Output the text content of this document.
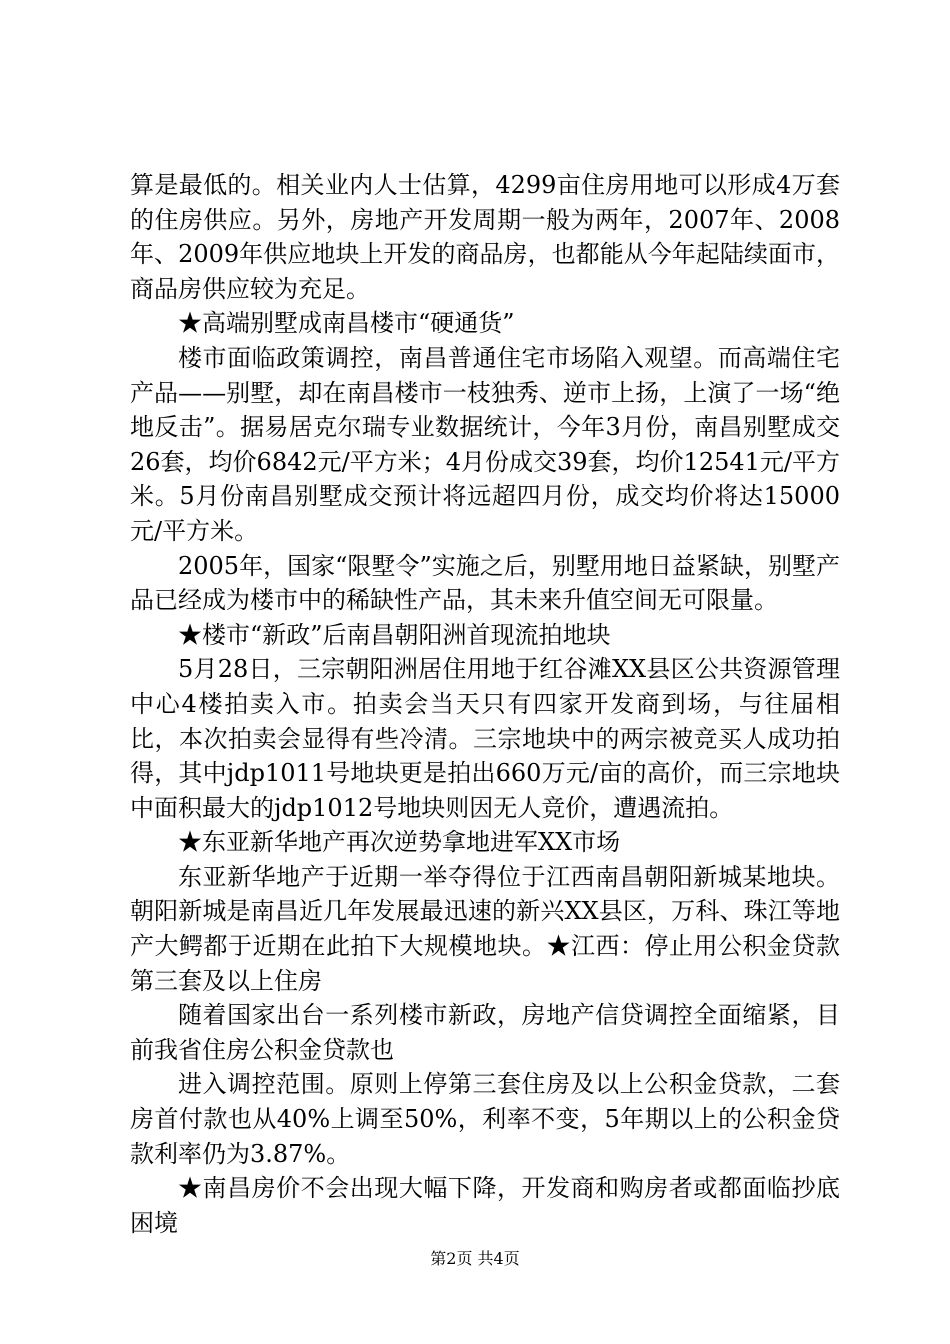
算是最低的。相关业内人士估算，4299亩住房用地可以形成4万套的住房供应。另外，房地产开发周期一般为两年，2007年、2008年、2009年供应地块上开发的商品房，也都能从今年起陆续面市，商品房供应较为充足。

★高端别墅成南昌楼市“硬通货”

楼市面临政策调控，南昌普通住宅市场陷入观望。而高端住宅产品——别墅，却在南昌楼市一枝独秀、逆市上扬，上演了一场“绝地反击”。据易居克尔瑞专业数据统计，今年3月份，南昌别墅成交26套，均价6842元/平方米；4月份成交39套，均价12541元/平方米。5月份南昌别墅成交预计将远超四月份，成交均价将达15000元/平方米。

2005年，国家“限墅令”实施之后，别墅用地日益紧缺，别墅产品已经成为楼市中的稀缺性产品，其未来升值空间无可限量。

★楼市“新政”后南昌朝阳洲首现流拍地块

5月28日，三宗朝阳洲居住用地于红谷滩XX县区公共资源管理中心4楼拍卖入市。拍卖会当天只有四家开发商到场，与往届相比，本次拍卖会显得有些冷清。三宗地块中的两宗被竞买人成功拍得，其中jdp1011号地块更是拍出660万元/亩的高价，而三宗地块中面积最大的jdp1012号地块则因无人竞价，遭遇流拍。

★东亚新华地产再次逆势拿地进军XX市场

东亚新华地产于近期一举夺得位于江西南昌朝阳新城某地块。朝阳新城是南昌近几年发展最迅速的新兴XX县区，万科、珠江等地产大鳄都于近期在此拍下大规模地块。★江西：停止用公积金贷款第三套及以上住房

随着国家出台一系列楼市新政，房地产信贷调控全面缩紧，目前我省住房公积金贷款也

进入调控范围。原则上停第三套住房及以上公积金贷款，二套房首付款也从40%上调至50%，利率不变，5年期以上的公积金贷款利率仍为3.87%。

★南昌房价不会出现大幅下降，开发商和购房者或都面临抄底困境

第2页 共4页
